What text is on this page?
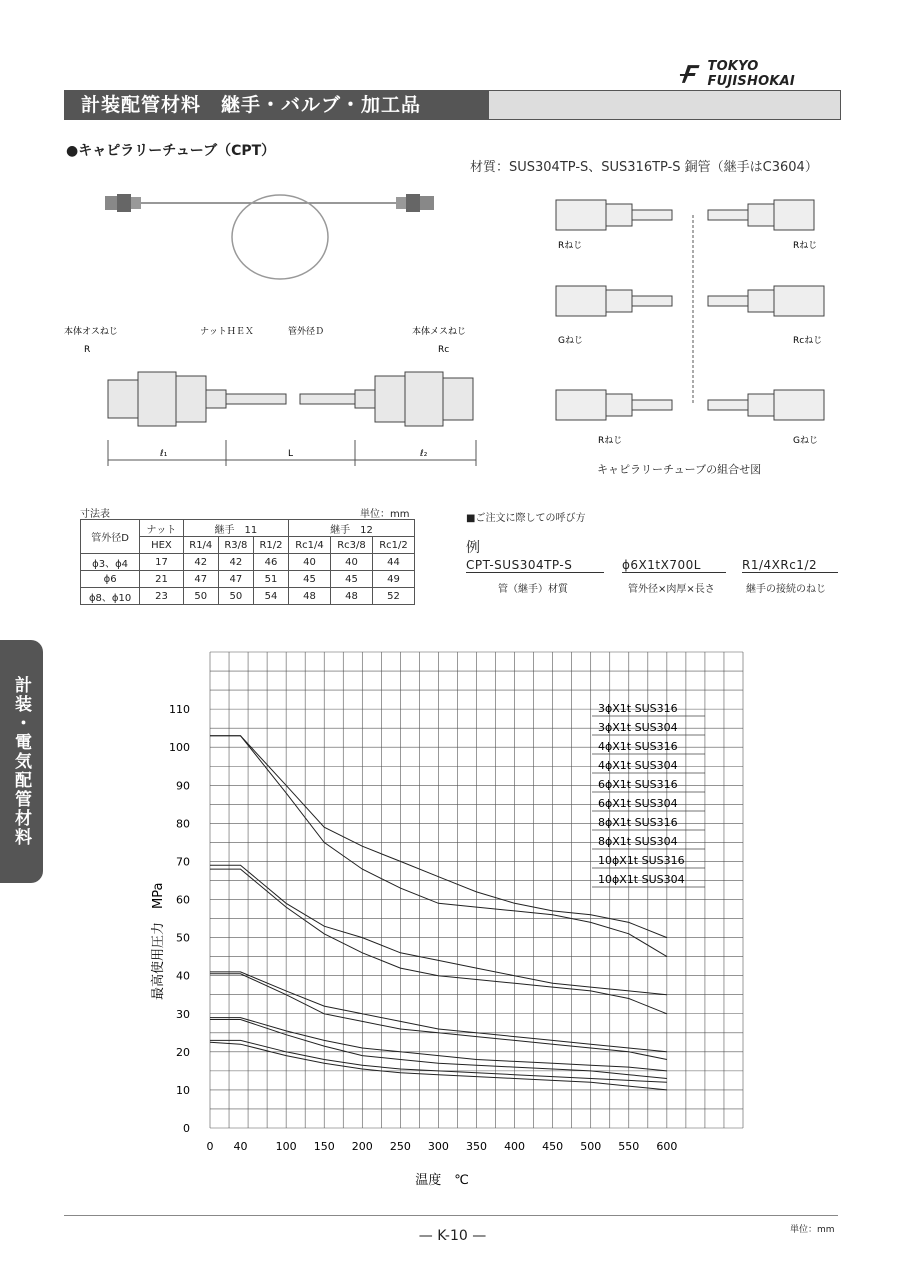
TOKYO FUJISHOKAI
計装配管材料　継手・バルブ・加工品
●キャピラリーチューブ（CPT）
材質：SUS304TP-S、SUS316TP-S 銅管（継手はC3604）
Rねじ	Rねじ
Gねじ	Rcねじ
Rねじ	Gねじ
キャピラリーチューブの組合せ図
本体オスねじ
R
ナットＨＥＸ	管外径Ｄ	本体メスねじ
Rc
ℓ₁	L	ℓ₂
寸法表	単位：mm
管外径D	ナット	継手　11			継手　12		
	HEX	R1/4	R3/8	R1/2	Rc1/4	Rc3/8	Rc1/2
ϕ3、ϕ4	17	42	42	46	40	40	44
ϕ6	21	47	47	51	45	45	49
ϕ8、ϕ10	23	50	50	54	48	48	52
■ご注文に際しての呼び方
例
CPT-SUS304TP-S	ϕ6X1tX700L	R1/4XRc1/2
管（継手）材質	管外径×肉厚×長さ	継手の接続のねじ
計装・電気配管材料
0 40	100 150 200 250 300 350 400 450 500 550 600
0
10
20
30
40
50
60
70
80
90
100
110	3ϕX1t SUS316
3ϕX1t SUS304
4ϕX1t SUS316
4ϕX1t SUS304
6ϕX1t SUS316
6ϕX1t SUS304
8ϕX1t SUS316
8ϕX1t SUS304
10ϕX1t SUS316
10ϕX1t SUS304
温度　℃
最高使用圧力　MPa
— K-10 —	単位：mm
